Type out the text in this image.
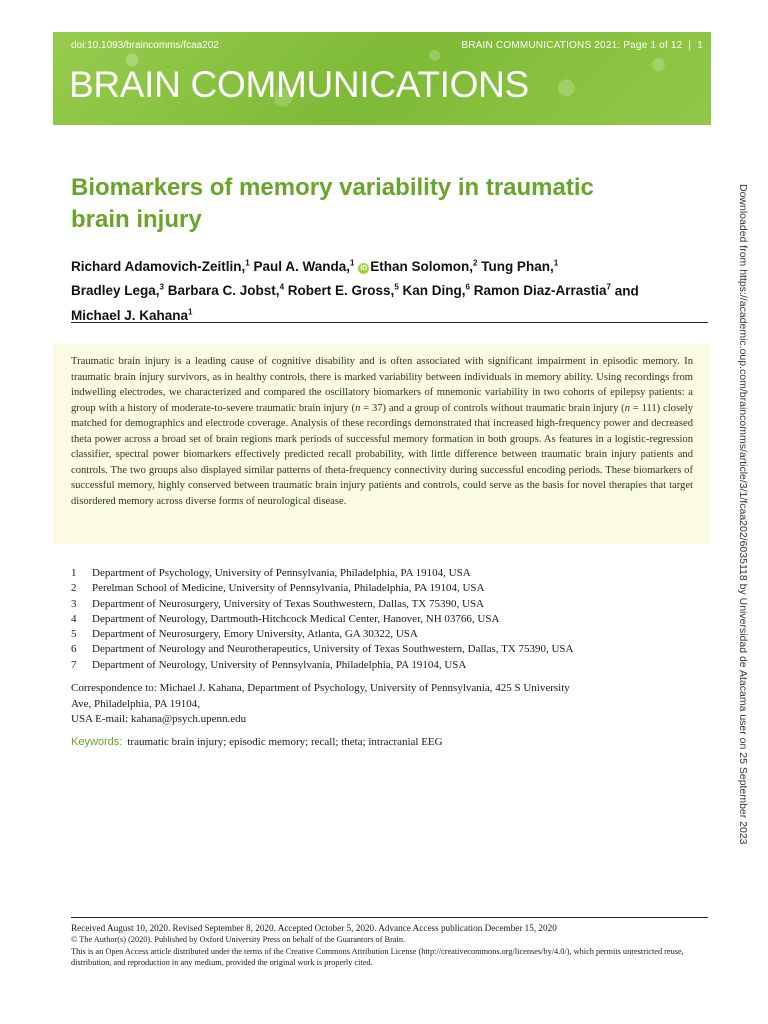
doi:10.1093/braincomms/fcaa202	BRAIN COMMUNICATIONS 2021: Page 1 of 12 | 1
BRAIN COMMUNICATIONS
Downloaded from https://academic.oup.com/braincomms/article/3/1/fcaa202/6035118 by Universidad de Atacama user on 25 September 2023
Biomarkers of memory variability in traumatic brain injury
Richard Adamovich-Zeitlin,$^1$ Paul A. Wanda,$^1$ iD Ethan Solomon,$^2$ Tung Phan,$^1$
Bradley Lega,$^3$ Barbara C. Jobst,$^4$ Robert E. Gross,$^5$ Kan Ding,$^6$ Ramon Diaz-Arrastia$^7$ and
Michael J. Kahana$^1$

Traumatic brain injury is a leading cause of cognitive disability and is often associated with significant impairment in episodic memory. In traumatic brain injury survivors, as in healthy controls, there is marked variability between individuals in memory ability. Using recordings from indwelling electrodes, we characterized and compared the oscillatory biomarkers of mnemonic variability in two cohorts of epilepsy patients: a group with a history of moderate-to-severe traumatic brain injury (n = 37) and a group of controls without traumatic brain injury (n = 111) closely matched for demographics and electrode coverage. Analysis of these recordings demonstrated that increased high-frequency power and decreased theta power across a broad set of brain regions mark periods of successful memory formation in both groups. As features in a logistic-regression classifier, spectral power biomarkers effectively predicted recall probability, with little difference between traumatic brain injury patients and controls. The two groups also displayed similar patterns of theta-frequency connectivity during successful encoding periods. These biomarkers of successful memory, highly conserved between traumatic brain injury patients and controls, could serve as the basis for novel therapies that target disordered memory across diverse forms of neurological disease.

1	Department of Psychology, University of Pennsylvania, Philadelphia, PA 19104, USA
2	Perelman School of Medicine, University of Pennsylvania, Philadelphia, PA 19104, USA
3	Department of Neurosurgery, University of Texas Southwestern, Dallas, TX 75390, USA
4	Department of Neurology, Dartmouth-Hitchcock Medical Center, Hanover, NH 03766, USA
5	Department of Neurosurgery, Emory University, Atlanta, GA 30322, USA
6	Department of Neurology and Neurotherapeutics, University of Texas Southwestern, Dallas, TX 75390, USA
7	Department of Neurology, University of Pennsylvania, Philadelphia, PA 19104, USA
Correspondence to: Michael J. Kahana, Department of Psychology, University of Pennsylvania, 425 S University
Ave, Philadelphia, PA 19104,
USA E-mail: kahana@psych.upenn.edu
Keywords: traumatic brain injury; episodic memory; recall; theta; intracranial EEG
Received August 10, 2020. Revised September 8, 2020. Accepted October 5, 2020. Advance Access publication December 15, 2020
© The Author(s) (2020). Published by Oxford University Press on behalf of the Guarantors of Brain.
This is an Open Access article distributed under the terms of the Creative Commons Attribution License (http://creativecommons.org/licenses/by/4.0/), which permits unrestricted reuse,
distribution, and reproduction in any medium, provided the original work is properly cited.
